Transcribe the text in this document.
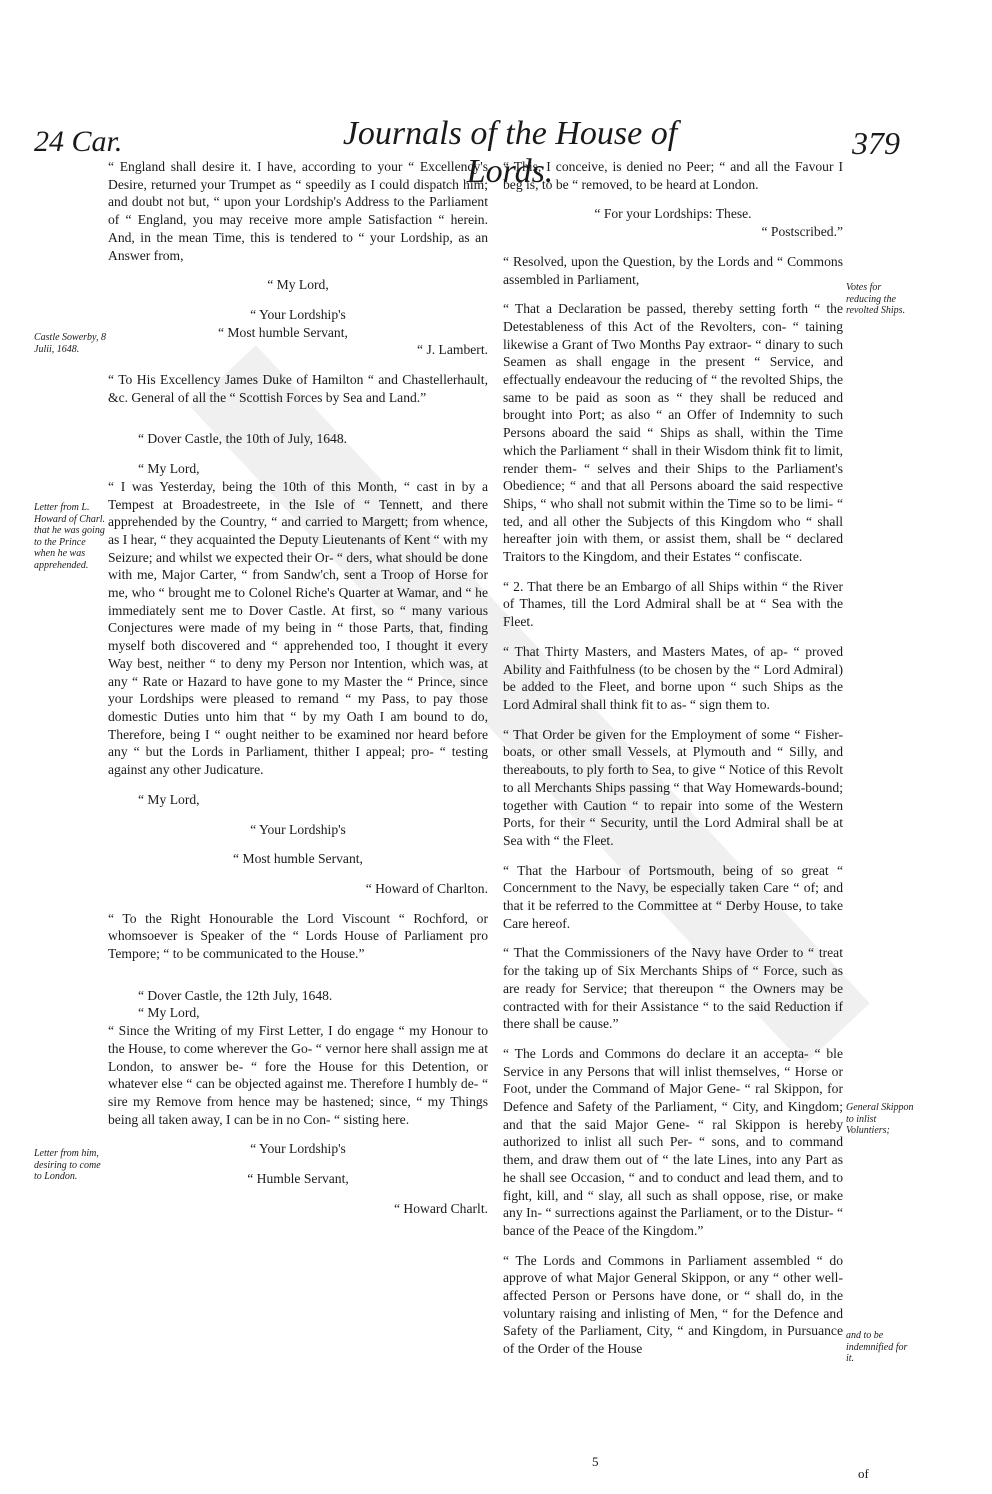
24 Car.	Journals of the House of Lords.
379

“ England shall desire it. I have, according to your “ Excellency's Desire, returned your Trumpet as “ speedily as I could dispatch him; and doubt not but, “ upon your Lordship's Address to the Parliament of “ England, you may receive more ample Satisfaction “ herein. And, in the mean Time, this is tendered to “ your Lordship, as an Answer from,

“ My Lord,

“ Your Lordship's

“ Most humble Servant,

“ J. Lambert.

“ To His Excellency James Duke of Hamilton “ and Chastellerhault, &c. General of all the “ Scottish Forces by Sea and Land.”

“ Dover Castle, the 10th of July, 1648.

“ My Lord,

“ I was Yesterday, being the 10th of this Month, “ cast in by a Tempest at Broadestreete, in the Isle of “ Tennett, and there apprehended by the Country, “ and carried to Margett; from whence, as I hear, “ they acquainted the Deputy Lieutenants of Kent “ with my Seizure; and whilst we expected their Or- “ ders, what should be done with me, Major Carter, “ from Sandw'ch, sent a Troop of Horse for me, who “ brought me to Colonel Riche's Quarter at Wamar, and “ he immediately sent me to Dover Castle. At first, so “ many various Conjectures were made of my being in “ those Parts, that, finding myself both discovered and “ apprehended too, I thought it every Way best, neither “ to deny my Person nor Intention, which was, at any “ Rate or Hazard to have gone to my Master the “ Prince, since your Lordships were pleased to remand “ my Pass, to pay those domestic Duties unto him that “ by my Oath I am bound to do, Therefore, being I “ ought neither to be examined nor heard before any “ but the Lords in Parliament, thither I appeal; pro- “ testing against any other Judicature.

“ My Lord,

“ Your Lordship's

“ Most humble Servant,

“ Howard of Charlton.

“ To the Right Honourable the Lord Viscount “ Rochford, or whomsoever is Speaker of the “ Lords House of Parliament pro Tempore; “ to be communicated to the House.”

“ Dover Castle, the 12th July, 1648.

“ My Lord,

“ Since the Writing of my First Letter, I do engage “ my Honour to the House, to come wherever the Go- “ vernor here shall assign me at London, to answer be- “ fore the House for this Detention, or whatever else “ can be objected against me. Therefore I humbly de- “ sire my Remove from hence may be hastened; since, “ my Things being all taken away, I can be in no Con- “ sisting here.

“ Your Lordship's

“ Humble Servant,

“ Howard Charlt.

“ This, I conceive, is denied no Peer; “ and all the Favour I beg is, to be “ removed, to be heard at London.

“ For your Lordships: These.

“ Postscribed.”

“ Resolved, upon the Question, by the Lords and “ Commons assembled in Parliament,

“ That a Declaration be passed, thereby setting forth “ the Detestableness of this Act of the Revolters, con- “ taining likewise a Grant of Two Months Pay extraor- “ dinary to such Seamen as shall engage in the present “ Service, and effectually endeavour the reducing of “ the revolted Ships, the same to be paid as soon as “ they shall be reduced and brought into Port; as also “ an Offer of Indemnity to such Persons aboard the said “ Ships as shall, within the Time which the Parliament “ shall in their Wisdom think fit to limit, render them- “ selves and their Ships to the Parliament's Obedience; “ and that all Persons aboard the said respective Ships, “ who shall not submit within the Time so to be limi- “ ted, and all other the Subjects of this Kingdom who “ shall hereafter join with them, or assist them, shall be “ declared Traitors to the Kingdom, and their Estates “ confiscate.

“ 2. That there be an Embargo of all Ships within “ the River of Thames, till the Lord Admiral shall be at “ Sea with the Fleet.

“ That Thirty Masters, and Masters Mates, of ap- “ proved Ability and Faithfulness (to be chosen by the “ Lord Admiral) be added to the Fleet, and borne upon “ such Ships as the Lord Admiral shall think fit to as- “ sign them to.

“ That Order be given for the Employment of some “ Fisher-boats, or other small Vessels, at Plymouth and “ Silly, and thereabouts, to ply forth to Sea, to give “ Notice of this Revolt to all Merchants Ships passing “ that Way Homewards-bound; together with Caution “ to repair into some of the Western Ports, for their “ Security, until the Lord Admiral shall be at Sea with “ the Fleet.

“ That the Harbour of Portsmouth, being of so great “ Concernment to the Navy, be especially taken Care “ of; and that it be referred to the Committee at “ Derby House, to take Care hereof.

“ That the Commissioners of the Navy have Order to “ treat for the taking up of Six Merchants Ships of “ Force, such as are ready for Service; that thereupon “ the Owners may be contracted with for their Assistance “ to the said Reduction if there shall be cause.”

“ The Lords and Commons do declare it an accepta- “ ble Service in any Persons that will inlist themselves, “ Horse or Foot, under the Command of Major Gene- “ ral Skippon, for Defence and Safety of the Parliament, “ City, and Kingdom; and that the said Major Gene- “ ral Skippon is hereby authorized to inlist all such Per- “ sons, and to command them, and draw them out of “ the late Lines, into any Part as he shall see Occasion, “ and to conduct and lead them, and to fight, kill, and “ slay, all such as shall oppose, rise, or make any In- “ surrections against the Parliament, or to the Distur- “ bance of the Peace of the Kingdom.”

“ The Lords and Commons in Parliament assembled “ do approve of what Major General Skippon, or any “ other well-affected Person or Persons have done, or “ shall do, in the voluntary raising and inlisting of Men, “ for the Defence and Safety of the Parliament, City, “ and Kingdom, in Pursuance of the Order of the House

Castle Sowerby, 8 Julii, 1648.
Letter from L. Howard of Charl. that he was going to the Prince when he was apprehended.
Letter from him, desiring to come to London.
Votes for reducing the revolted Ships.
General Skippon to inlist Voluntiers;
and to be indemnified for it.
5
of
